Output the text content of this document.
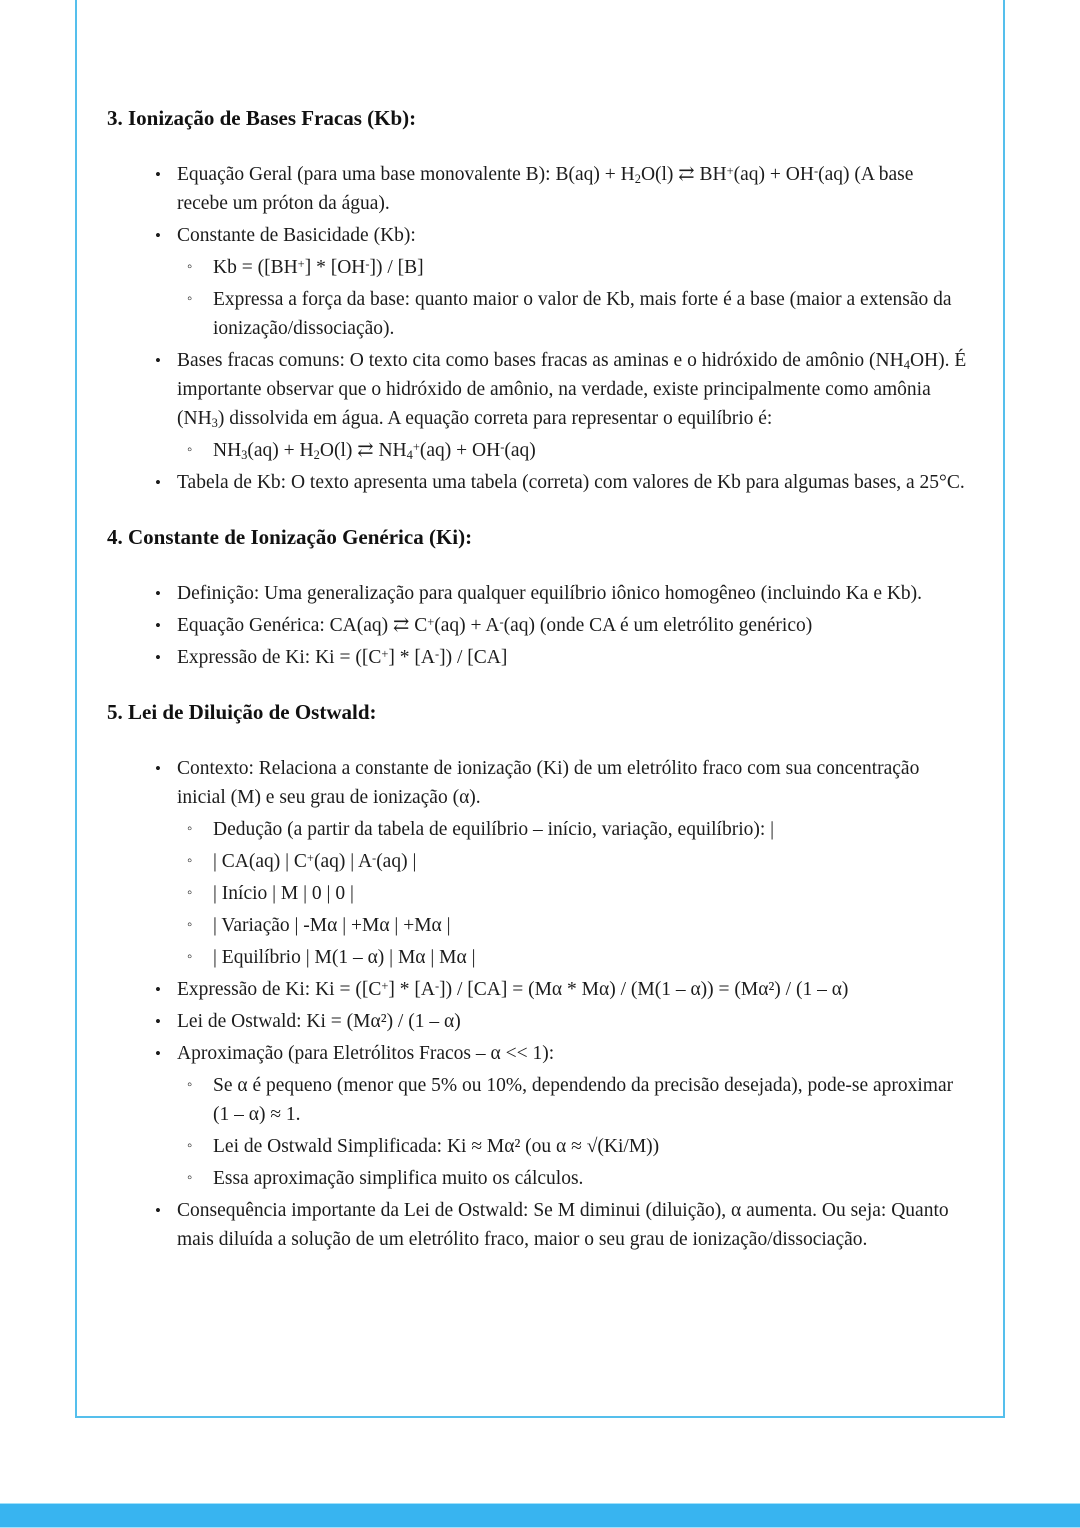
3. Ionização de Bases Fracas (Kb):
• Equação Geral (para uma base monovalente B): $B(aq) + H_2O(l)$ ⇄ BH+(aq) + OH-(aq) (A base recebe um próton da água).
• Constante de Basicidade (Kb):
◦ Kb = ([BH+] * [OH-]) / [B]
◦ Expressa a força da base: quanto maior o valor de Kb, mais forte é a base (maior a extensão da ionização/dissociação).
• Bases fracas comuns: O texto cita como bases fracas as aminas e o hidróxido de amônio $(NH_4OH)$. É importante observar que o hidróxido de amônio, na verdade, existe principalmente como amônia $(NH_3)$ dissolvida em água. A equação correta para representar o equilíbrio é:
◦ $NH_3(aq) + H_2O(l)$ ⇄ $NH_4^+(aq) + OH^-(aq)$
• Tabela de Kb: O texto apresenta uma tabela (correta) com valores de Kb para algumas bases, a 25°C.
4. Constante de Ionização Genérica (Ki):
• Definição: Uma generalização para qualquer equilíbrio iônico homogêneo (incluindo Ka e Kb).
• Equação Genérica: CA(aq) ⇄ C+(aq) + A-(aq) (onde CA é um eletrólito genérico)
• Expressão de Ki: Ki = ([C+] * [A-]) / [CA]
5. Lei de Diluição de Ostwald:
• Contexto: Relaciona a constante de ionização (Ki) de um eletrólito fraco com sua concentração inicial (M) e seu grau de ionização (α).
◦ Dedução (a partir da tabela de equilíbrio – início, variação, equilíbrio): |
◦ | CA(aq) | C+(aq) | A-(aq) |
◦ | Início | M | 0 | 0 |
◦ | Variação | -Mα | +Mα | +Mα |
◦ | Equilíbrio | M(1 – α) | Mα | Mα |
• Expressão de Ki: Ki = ([C+] * [A-]) / [CA] = (Mα * Mα) / (M(1 – α)) = (Mα²) / (1 – α)
• Lei de Ostwald: Ki = (Mα²) / (1 – α)
• Aproximação (para Eletrólitos Fracos – α << 1):
◦ Se α é pequeno (menor que 5% ou 10%, dependendo da precisão desejada), pode-se aproximar (1 – α) ≈ 1.
◦ Lei de Ostwald Simplificada: Ki ≈ Mα² (ou α ≈ √(Ki/M))
◦ Essa aproximação simplifica muito os cálculos.
• Consequência importante da Lei de Ostwald: Se M diminui (diluição), α aumenta. Ou seja: Quanto mais diluída a solução de um eletrólito fraco, maior o seu grau de ionização/dissociação.
